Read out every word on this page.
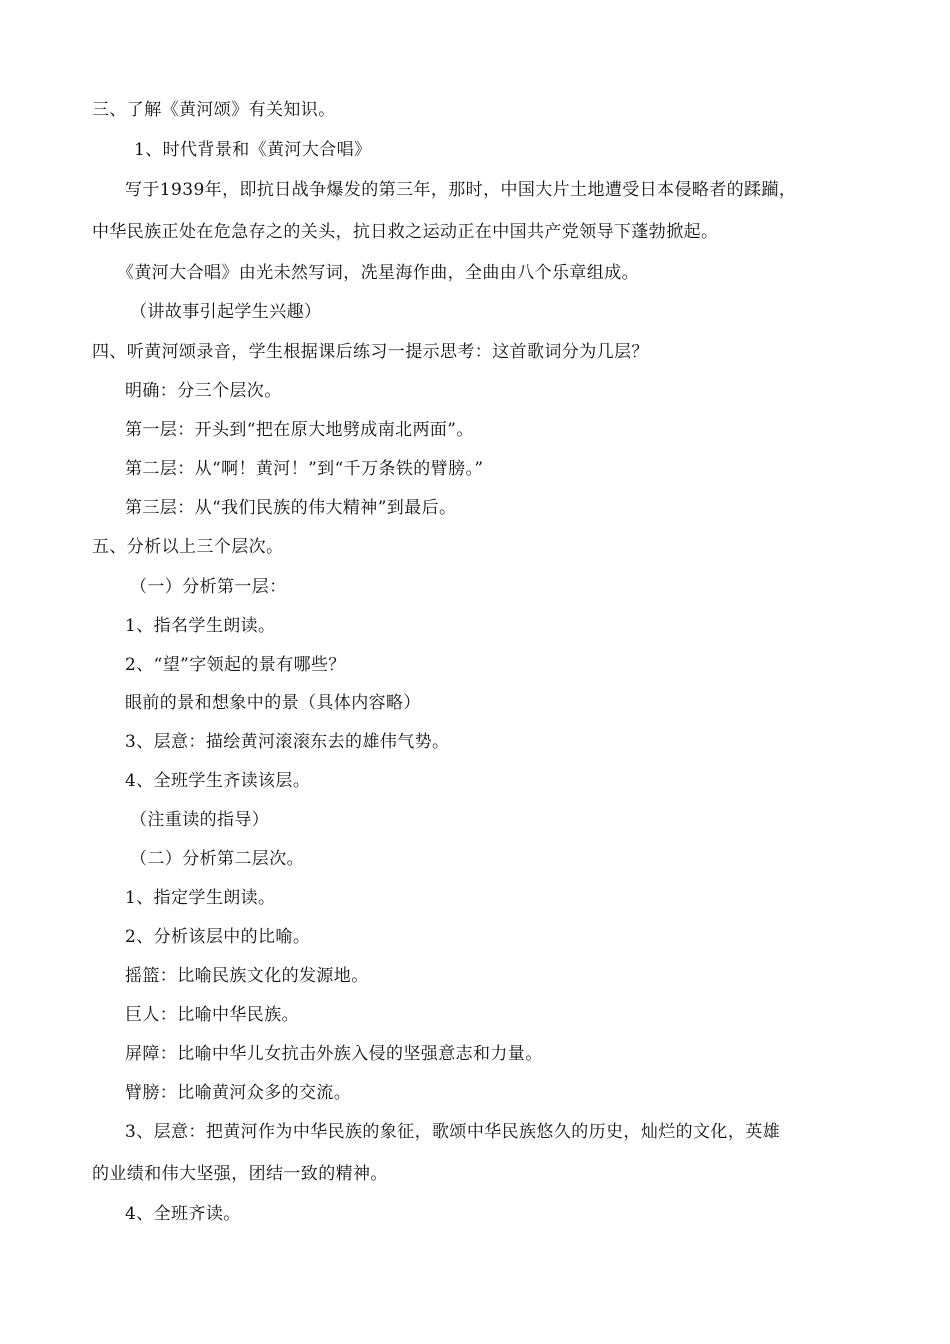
三、了解《黄河颂》有关知识。
1、时代背景和《黄河大合唱》
写于1939年，即抗日战争爆发的第三年，那时，中国大片土地遭受日本侵略者的蹂躏，
中华民族正处在危急存之的关头，抗日救之运动正在中国共产党领导下蓬勃掀起。
《黄河大合唱》由光未然写词，冼星海作曲，全曲由八个乐章组成。
（讲故事引起学生兴趣）
四、听黄河颂录音，学生根据课后练习一提示思考：这首歌词分为几层？
明确：分三个层次。
第一层：开头到“把在原大地劈成南北两面”。
第二层：从“啊！黄河！”到“千万条铁的臂膀。”
第三层：从“我们民族的伟大精神”到最后。
五、分析以上三个层次。
（一）分析第一层：
1、指名学生朗读。
2、“望”字领起的景有哪些？
眼前的景和想象中的景（具体内容略）
3、层意：描绘黄河滚滚东去的雄伟气势。
4、全班学生齐读该层。
（注重读的指导）
（二）分析第二层次。
1、指定学生朗读。
2、分析该层中的比喻。
摇篮：比喻民族文化的发源地。
巨人：比喻中华民族。
屏障：比喻中华儿女抗击外族入侵的坚强意志和力量。
臂膀：比喻黄河众多的交流。
3、层意：把黄河作为中华民族的象征，歌颂中华民族悠久的历史，灿烂的文化，英雄
的业绩和伟大坚强，团结一致的精神。
4、全班齐读。
